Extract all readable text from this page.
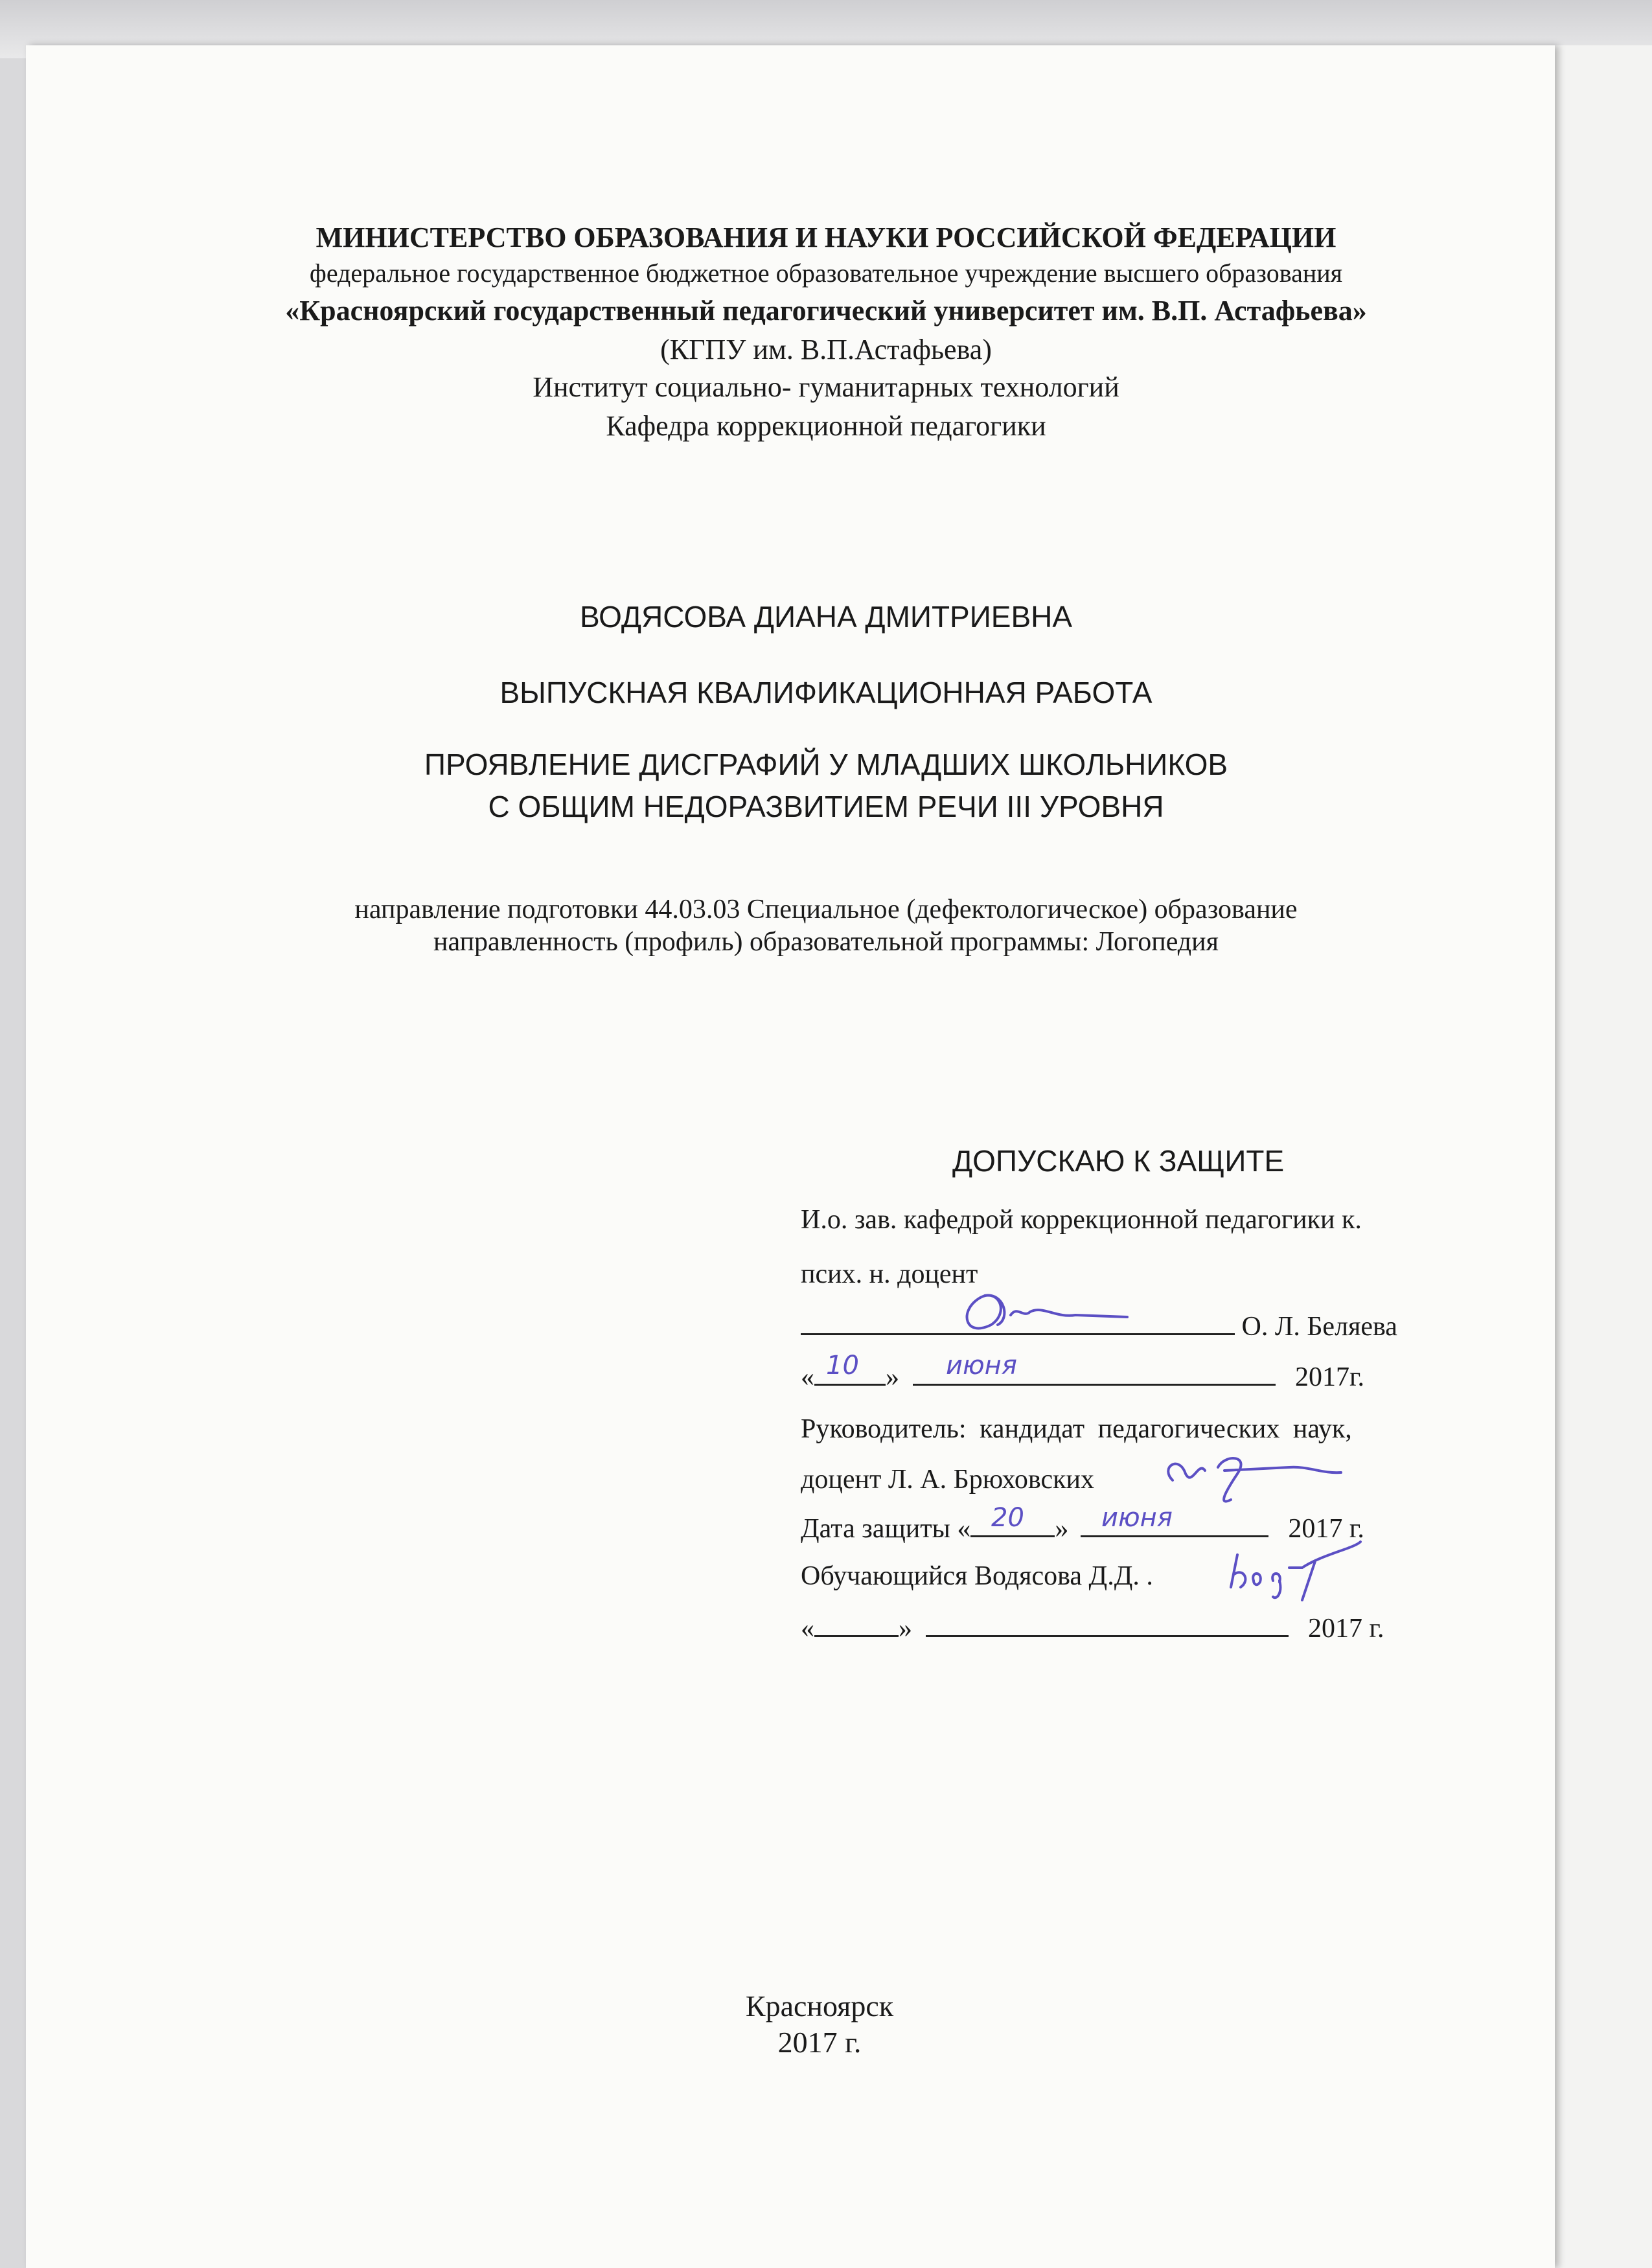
МИНИСТЕРСТВО ОБРАЗОВАНИЯ И НАУКИ РОССИЙСКОЙ ФЕДЕРАЦИИ
федеральное государственное бюджетное образовательное учреждение высшего образования
«Красноярский государственный педагогический университет им. В.П. Астафьева»
(КГПУ им. В.П.Астафьева)
Институт социально- гуманитарных технологий
Кафедра коррекционной педагогики
ВОДЯСОВА ДИАНА ДМИТРИЕВНА
ВЫПУСКНАЯ КВАЛИФИКАЦИОННАЯ РАБОТА
ПРОЯВЛЕНИЕ ДИСГРАФИЙ У МЛАДШИХ ШКОЛЬНИКОВ
С ОБЩИМ НЕДОРАЗВИТИЕМ РЕЧИ III УРОВНЯ
направление подготовки 44.03.03 Специальное (дефектологическое) образование
направленность (профиль) образовательной программы: Логопедия
ДОПУСКАЮ К ЗАЩИТЕ
И.о. зав. кафедрой коррекционной педагогики к.
псих. н. доцент
О. Л. Беляева
«	»	2017г.
10	июня
Руководитель: кандидат педагогических наук,
доцент Л. А. Брюховских
Дата защиты «	»	2017 г.
20	июня
Обучающийся Водясова Д.Д. .
«	»	2017 г.
Красноярск
2017 г.
